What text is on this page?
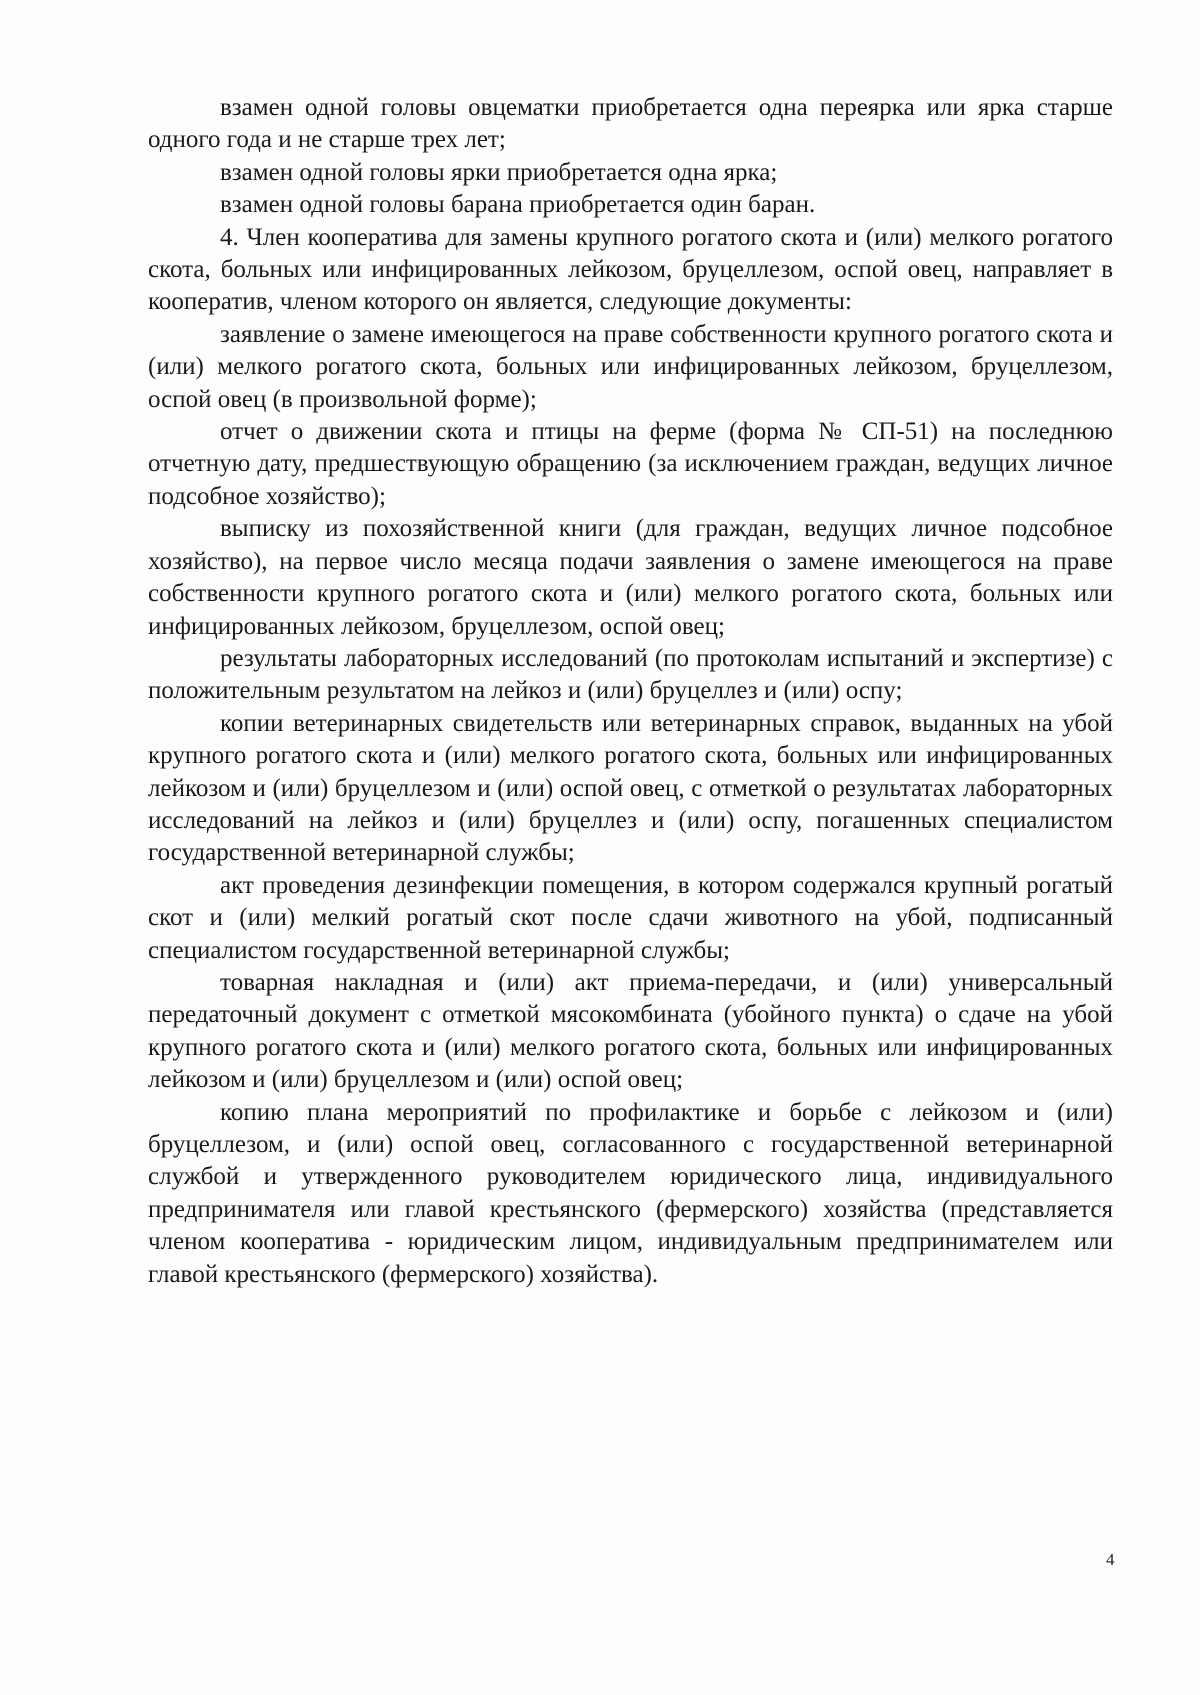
взамен одной головы овцематки приобретается одна переярка или ярка старше одного года и не старше трех лет;

взамен одной головы ярки приобретается одна ярка;

взамен одной головы барана приобретается один баран.

4. Член кооператива для замены крупного рогатого скота и (или) мелкого рогатого скота, больных или инфицированных лейкозом, бруцеллезом, оспой овец, направляет в кооператив, членом которого он является, следующие документы:

заявление о замене имеющегося на праве собственности крупного рогатого скота и (или) мелкого рогатого скота, больных или инфицированных лейкозом, бруцеллезом, оспой овец (в произвольной форме);

отчет о движении скота и птицы на ферме (форма № СП-51) на последнюю отчетную дату, предшествующую обращению (за исключением граждан, ведущих личное подсобное хозяйство);

выписку из похозяйственной книги (для граждан, ведущих личное подсобное хозяйство), на первое число месяца подачи заявления о замене имеющегося на праве собственности крупного рогатого скота и (или) мелкого рогатого скота, больных или инфицированных лейкозом, бруцеллезом, оспой овец;

результаты лабораторных исследований (по протоколам испытаний и экспертизе) с положительным результатом на лейкоз и (или) бруцеллез и (или) оспу;

копии ветеринарных свидетельств или ветеринарных справок, выданных на убой крупного рогатого скота и (или) мелкого рогатого скота, больных или инфицированных лейкозом и (или) бруцеллезом и (или) оспой овец, с отметкой о результатах лабораторных исследований на лейкоз и (или) бруцеллез и (или) оспу, погашенных специалистом государственной ветеринарной службы;

акт проведения дезинфекции помещения, в котором содержался крупный рогатый скот и (или) мелкий рогатый скот после сдачи животного на убой, подписанный специалистом государственной ветеринарной службы;

товарная накладная и (или) акт приема-передачи, и (или) универсальный передаточный документ с отметкой мясокомбината (убойного пункта) о сдаче на убой крупного рогатого скота и (или) мелкого рогатого скота, больных или инфицированных лейкозом и (или) бруцеллезом и (или) оспой овец;

копию плана мероприятий по профилактике и борьбе с лейкозом и (или) бруцеллезом, и (или) оспой овец, согласованного с государственной ветеринарной службой и утвержденного руководителем юридического лица, индивидуального предпринимателя или главой крестьянского (фермерского) хозяйства (представляется членом кооператива - юридическим лицом, индивидуальным предпринимателем или главой крестьянского (фермерского) хозяйства).

4
